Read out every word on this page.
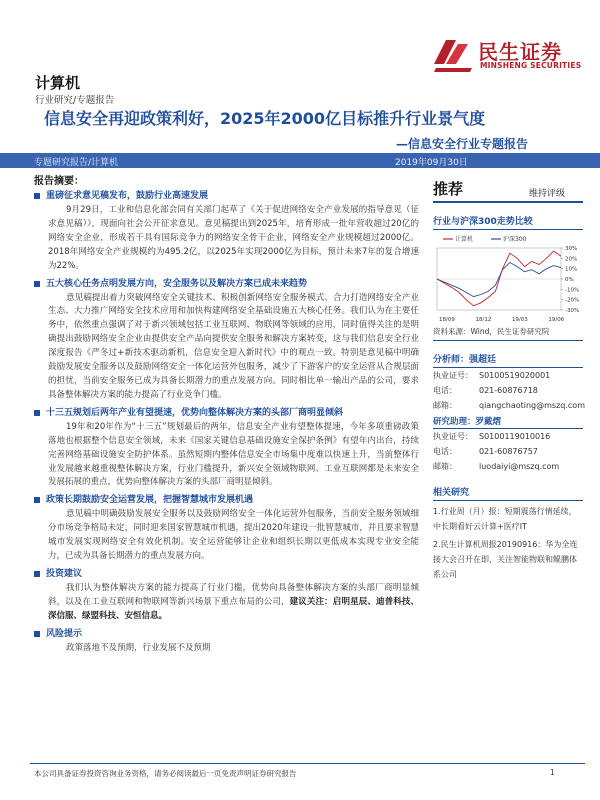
民生证券
MINSHENG SECURITIES
计算机
行业研究/专题报告
信息安全再迎政策利好，2025年2000亿目标推升行业景气度
—信息安全行业专题报告
专题研究报告/计算机	2019年09月30日
报告摘要：
重磅征求意见稿发布，鼓励行业高速发展
9月29日，工业和信息化部会同有关部门起草了《关于促进网络安全产业发展的指导意见（征求意见稿）》，现面向社会公开征求意见。意见稿提出到2025年，培育形成一批年营收超过20亿的网络安全企业，形成若干具有国际竞争力的网络安全骨干企业，网络安全产业规模超过2000亿。2018年网络安全产业规模约为495.2亿，以2025年实现2000亿为目标，预计未来7年的复合增速为22%。
五大核心任务点明发展方向，安全服务以及解决方案已成未来趋势
意见稿提出着力突破网络安全关键技术、积极创新网络安全服务模式、合力打造网络安全产业生态、大力推广网络安全技术应用和加快构建网络安全基础设施五大核心任务。我们认为在主要任务中，依然重点强调了对于新兴领域包括工业互联网、物联网等领域的应用，同时值得关注的是明确提出鼓励网络安全企业由提供安全产品向提供安全服务和解决方案转变，这与我们信息安全行业深度报告《严冬过+新技术驱动新机，信息安全迎入新时代》中的观点一致。特别是意见稿中明确鼓励发展安全服务以及鼓励网络安全一体化运营外包服务，减少了下游客户的安全运营从合规层面的担忧，当前安全服务已成为具备长期潜力的重点发展方向。同时相比单一输出产品的公司，要求具备整体解决方案的能力提高了行业竞争门槛。
十三五规划后两年产业有望提速，优势向整体解决方案的头部厂商明显倾斜
19年和20年作为“十三五”规划最后的两年，信息安全产业有望整体提速，今年多项重磅政策落地也根据整个信息安全领域，未来《国家关键信息基础设施安全保护条例》有望年内出台，持续完善网络基础设施安全防护体系。虽然短期内整体信息安全市场集中度难以快速上升，当前整体行业发展越来越重视整体解决方案，行业门槛提升，新兴安全领域物联网、工业互联网都是未来安全发展拓展的重点，优势向整体解决方案的头部厂商明显倾斜。
政策长期鼓励安全运营发展，把握智慧城市发展机遇
意见稿中明确鼓励发展安全服务以及鼓励网络安全一体化运营外包服务，当前安全服务领域细分市场竞争格局未定，同时迎来国家智慧城市机遇，提出2020年建设一批智慧城市，并且要求智慧城市发展实现网络安全有效化机制。安全运营能够让企业和组织长期以更低成本实现专业安全能力，已成为具备长期潜力的重点发展方向。
投资建议
我们认为整体解决方案的能力提高了行业门槛，优势向具备整体解决方案的头部厂商明显倾斜，以及在工业互联网和物联网等新兴场景下重点布局的公司，建议关注：启明星辰、迪普科技、深信服、绿盟科技、安恒信息。
风险提示
政策落地不及预期，行业发展不及预期
推荐	维持评级
行业与沪深300走势比较
-30%
-20%
-10%
0%
10%
20%
30%
18/09	18/12	19/03	19/06
计算机	沪深300
资料来源：Wind，民生证券研究院
分析师：强超廷
执业证号： S0100519020001
电话：	021-60876718
邮箱：	qiangchaoting@mszq.com
研究助理：罗戴熠
执业证号： S0100119010016
电话：	021-60876757
邮箱：	luodaiyi@mszq.com
相关研究
1.行业周（月）报：短期震荡行情延续，中长期看好云计算+医疗IT
2.民生计算机周报20190916：华为全连接大会召开在即，关注智能物联和鲲鹏体系公司
本公司具备证券投资咨询业务资格，请务必阅读最后一页免责声明证券研究报告	1
